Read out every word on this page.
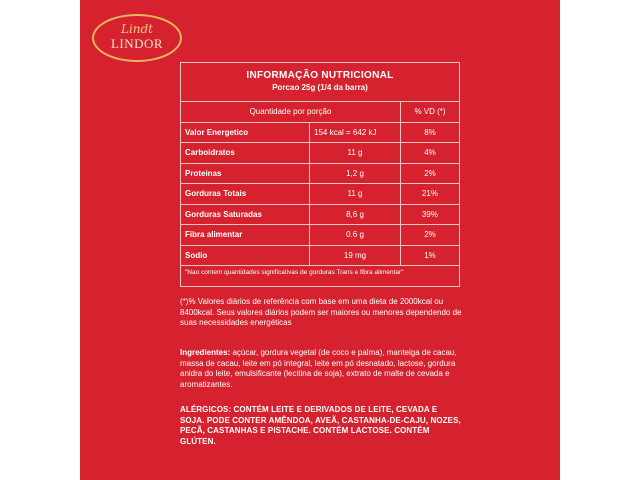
Lindt
LINDOR
INFORMAÇÃO NUTRICIONAL
Porcao 25g (1/4 da barra)
Quantidade por porção		% VD (*)
Valor Energetico	154 kcal = 642 kJ	8%
Carboidratos	11 g	4%
Proteinas	1,2 g	2%
Gorduras Totais	11 g	21%
Gorduras Saturadas	8,6 g	39%
Fibra alimentar	0.6 g	2%
Sodio	19 mg	1%
"Nao contem quantidades significativas de gorduras Trans e fibra alimentar"
(*)% Valores diários de referência com base em uma dieta de 2000kcal ou 8400kcal. Seus valores diários podem ser maiores ou menores dependendo de suas necessidades energéticas
Ingredientes: açúcar, gordura vegetal (de coco e palma), manteiga de cacau, massa de cacau, leite em pó integral, leite em pó desnatado, lactose, gordura anidra do leite, emulsificante (lecitina de soja), extrato de malte de cevada e aromatizantes.
ALÉRGICOS: CONTÉM LEITE E DERIVADOS DE LEITE, CEVADA E SOJA. PODE CONTER AMÊNDOA, AVEÃ, CASTANHA-DE-CAJU, NOZES, PECÃ, CASTANHAS E PISTACHE. CONTÉM LACTOSE. CONTÉM GLÚTEN.
